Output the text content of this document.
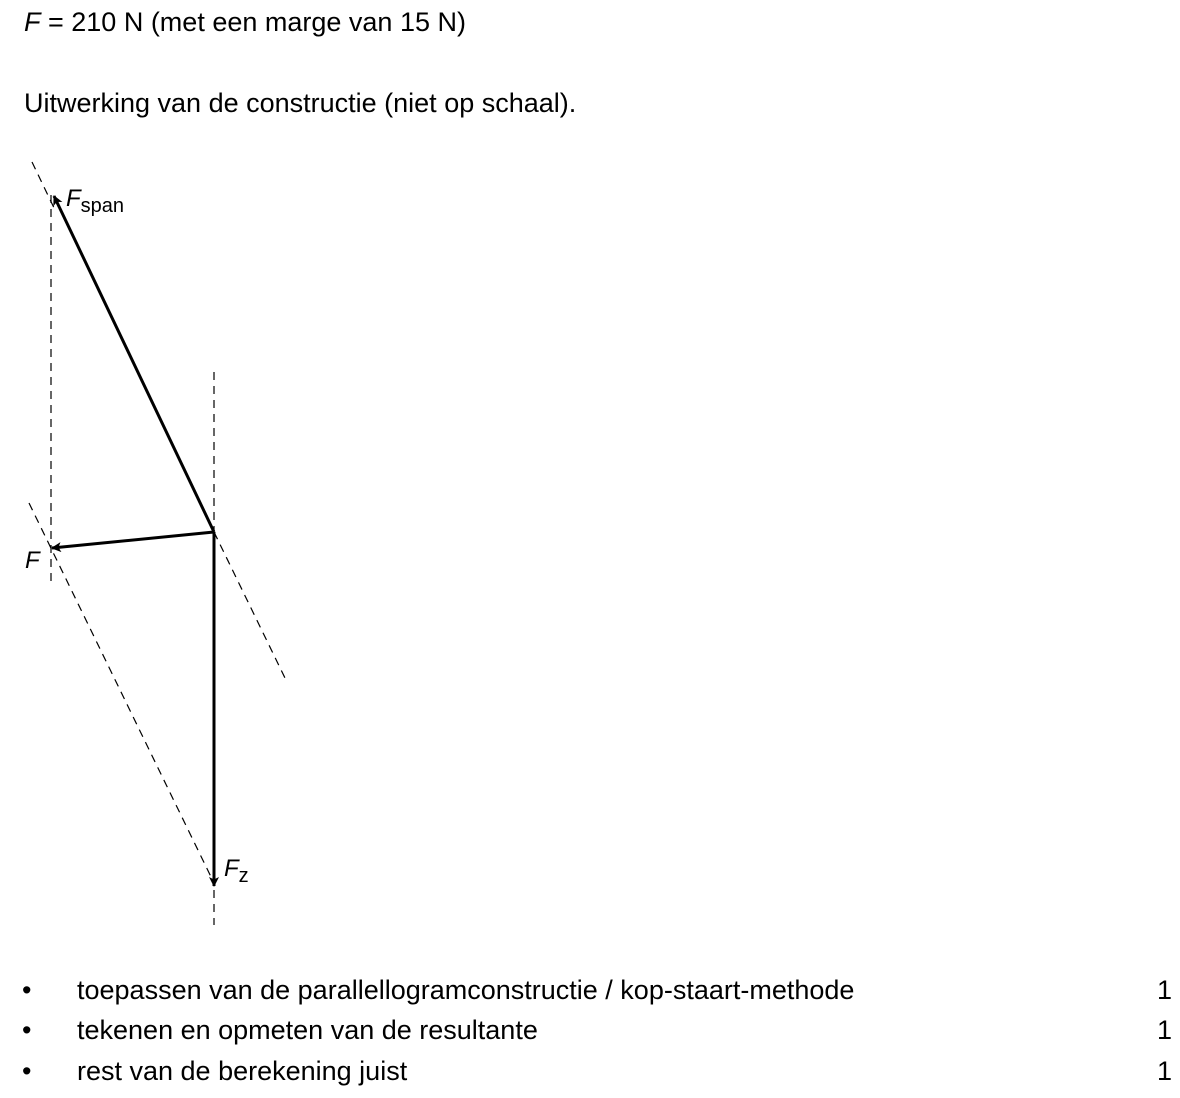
F = 210 N (met een marge van 15 N)
Uitwerking van de constructie (niet op schaal).
$F_{span}$
F
$F_z$
•	toepassen van de parallellogramconstructie / kop-staart-methode	1
•	tekenen en opmeten van de resultante	1
•	rest van de berekening juist	1
